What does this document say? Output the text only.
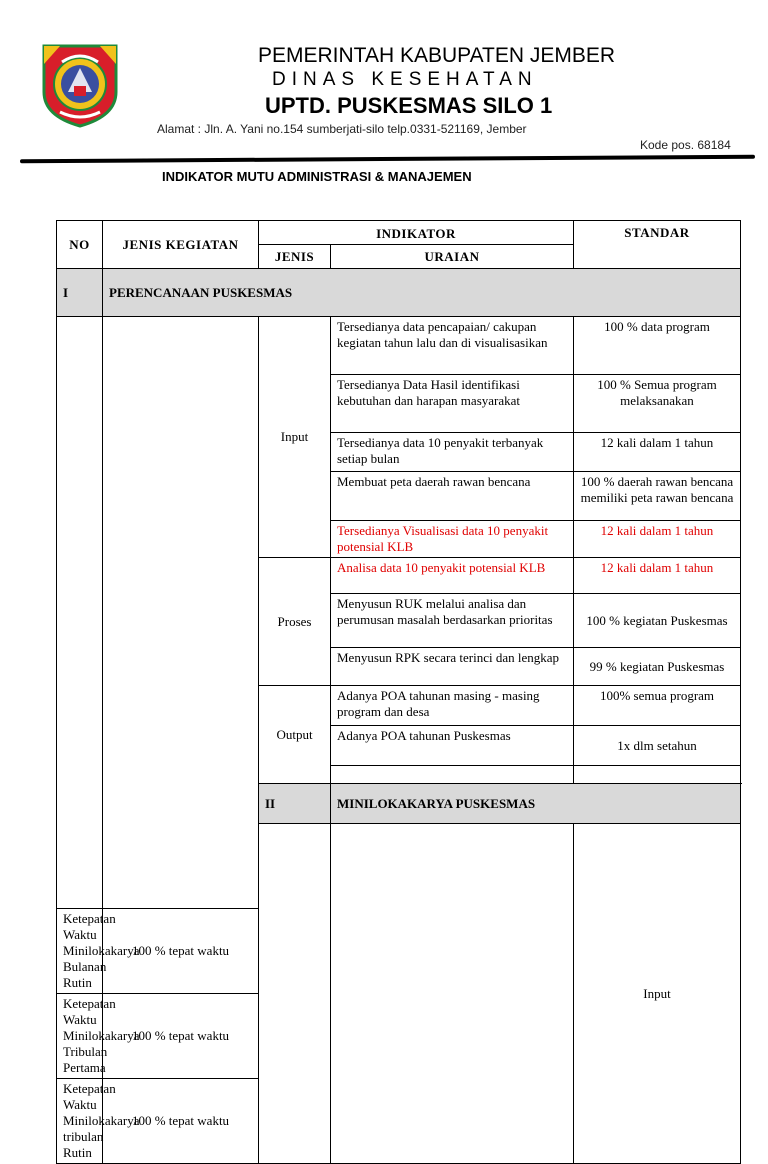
PEMERINTAH KABUPATEN JEMBER
DINAS KESEHATAN
UPTD. PUSKESMAS SILO 1
Alamat : Jln. A. Yani no.154 sumberjati-silo telp.0331-521169, Jember
Kode pos. 68184
INDIKATOR MUTU ADMINISTRASI & MANAJEMEN
NO	JENIS KEGIATAN	INDIKATOR		STANDAR	
		JENIS	URAIAN		
I	PERENCANAAN PUSKESMAS				
		Input	Tersedianya data pencapaian/ cakupan kegiatan tahun lalu dan di visualisasikan	100 % data program	
			Tersedianya Data Hasil identifikasi kebutuhan dan harapan masyarakat	100 % Semua program melaksanakan	
			Tersedianya data 10 penyakit terbanyak setiap bulan	12 kali dalam 1 tahun	
			Membuat peta daerah rawan bencana	100 % daerah rawan bencana memiliki peta rawan bencana	
			Tersedianya Visualisasi data 10 penyakit potensial KLB	12 kali dalam 1 tahun	
		Proses	Analisa data 10 penyakit potensial KLB	12 kali dalam 1 tahun	
			Menyusun RUK melalui analisa dan perumusan masalah berdasarkan prioritas	100 % kegiatan Puskesmas	
			Menyusun RPK secara terinci dan lengkap	99 % kegiatan Puskesmas	
		Output	Adanya POA tahunan masing - masing program dan desa	100% semua program	
			Adanya POA tahunan Puskesmas	1x dlm setahun	

		II	MINILOKAKARYA PUSKESMAS		
				Input		
Ketepatan Waktu Minilokakarya Bulanan Rutin	100 % tepat waktu				
Ketepatan Waktu Minilokakarya Tribulan Pertama	100 % tepat waktu				
Ketepatan Waktu Minilokakarya tribulan Rutin	100 % tepat waktu				
